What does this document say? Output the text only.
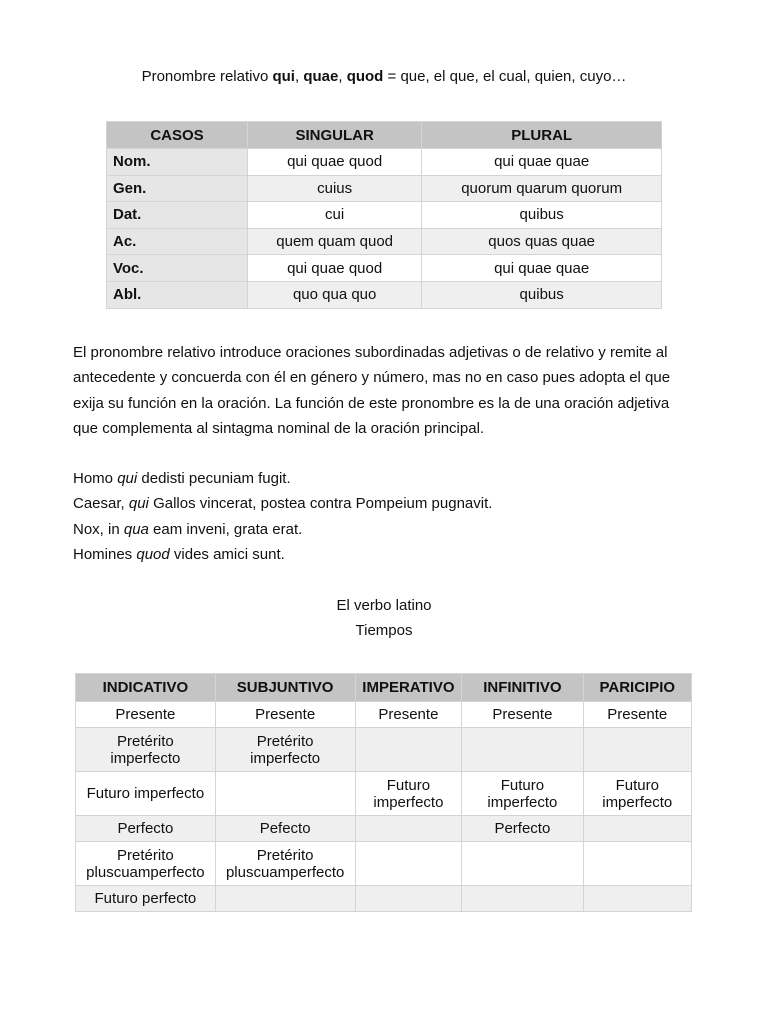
Pronombre relativo qui, quae, quod = que, el que, el cual, quien, cuyo…
CASOS	SINGULAR	PLURAL
Nom.	qui quae quod	qui quae quae
Gen.	cuius	quorum quarum quorum
Dat.	cui	quibus
Ac.	quem quam quod	quos quas quae
Voc.	qui quae quod	qui quae quae
Abl.	quo qua quo	quibus
El pronombre relativo introduce oraciones subordinadas adjetivas o de relativo y remite al
antecedente y concuerda con él en género y número, mas no en caso pues adopta el que
exija su función en la oración. La función de este pronombre es la de una oración adjetiva
que complementa al sintagma nominal de la oración principal.
Homo qui dedisti pecuniam fugit.
Caesar, qui Gallos vincerat, postea contra Pompeium pugnavit.
Nox, in qua eam inveni, grata erat.
Homines quod vides amici sunt.
El verbo latino
Tiempos
INDICATIVO	SUBJUNTIVO	IMPERATIVO	INFINITIVO	PARICIPIO
Presente	Presente	Presente	Presente	Presente
Pretérito imperfecto	Pretérito imperfecto			
Futuro imperfecto		Futuro imperfecto	Futuro imperfecto	Futuro imperfecto
Perfecto	Pefecto		Perfecto	
Pretérito pluscuamperfecto	Pretérito pluscuamperfecto			
Futuro perfecto				
